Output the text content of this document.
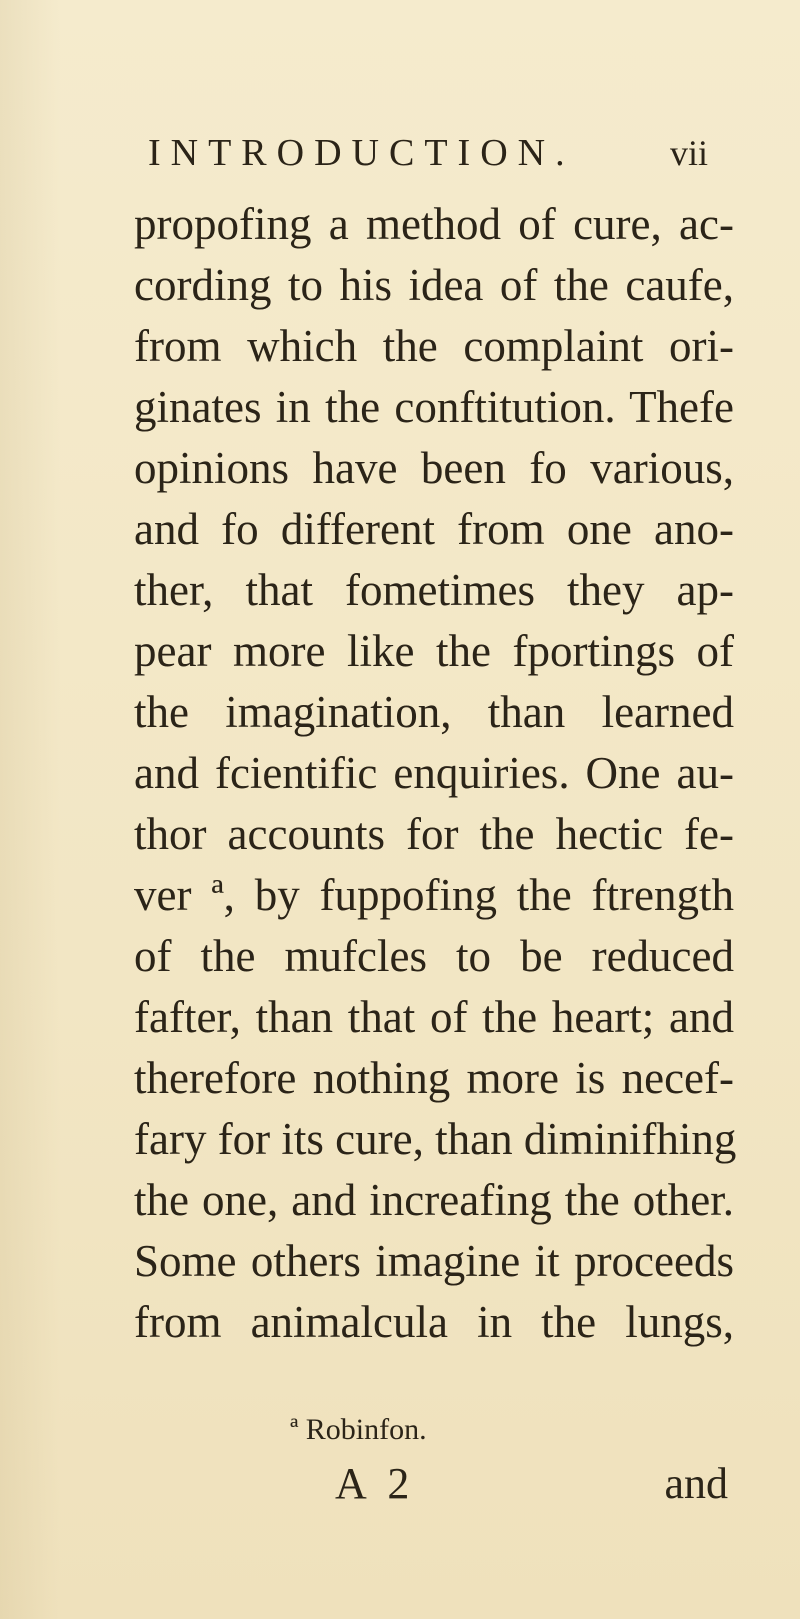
INTRODUCTION.	vii
propofing a method of cure, ac-
cording to his idea of the caufe,
from which the complaint ori-
ginates in the conftitution. Thefe
opinions have been fo various,
and fo different from one ano-
ther, that fometimes they ap-
pear more like the fportings of
the imagination, than learned
and fcientific enquiries. One au-
thor accounts for the hectic fe-
ver ª, by fuppofing the ftrength
of the mufcles to be reduced
fafter, than that of the heart; and
therefore nothing more is necef-
fary for its cure, than diminifhing
the one, and increafing the other.
Some others imagine it proceeds
from animalcula in the lungs,
ª Robinfon.
A 2	and
